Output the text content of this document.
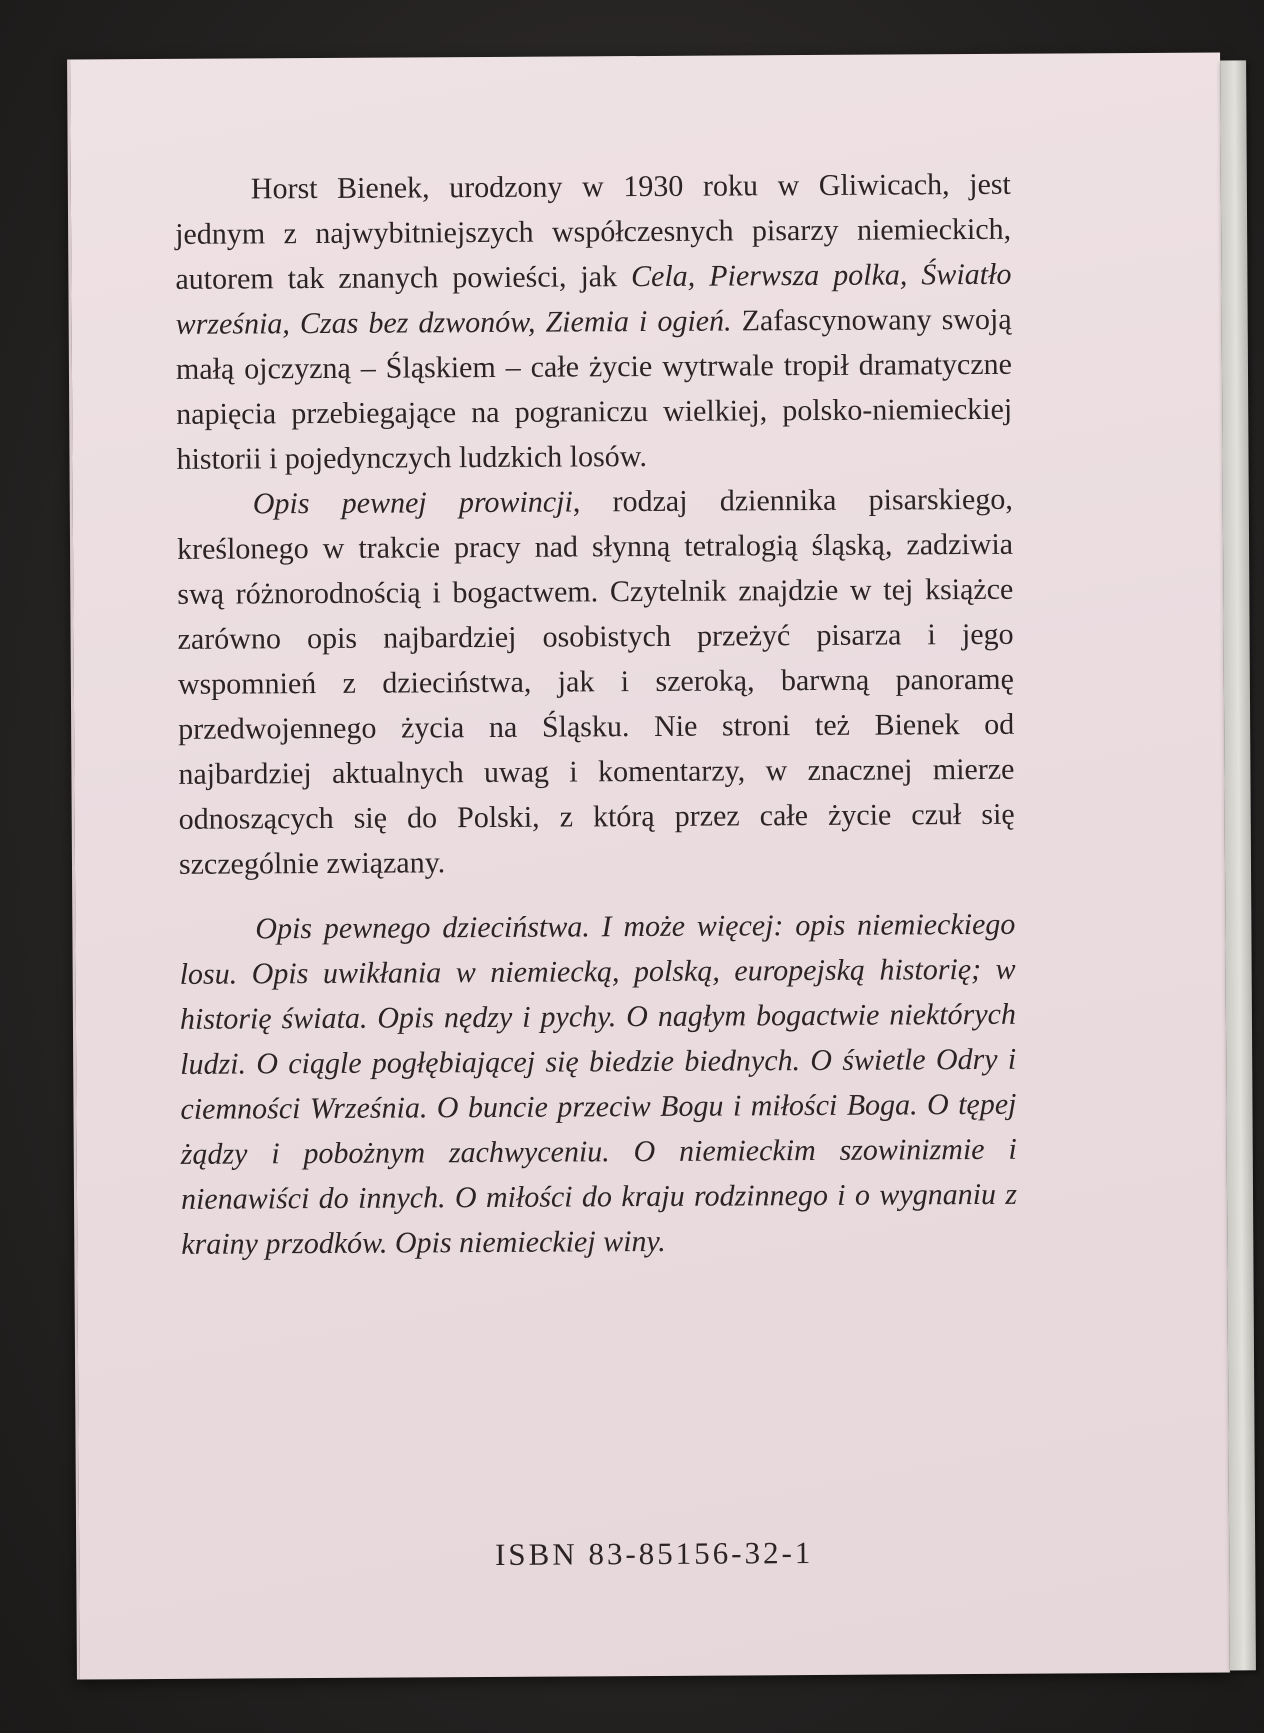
Horst Bienek, urodzony w 1930 roku w Gliwicach, jest jednym z najwybitniejszych współczesnych pisarzy niemieckich, autorem tak znanych powieści, jak Cela, Pierwsza polka, Światło września, Czas bez dzwonów, Ziemia i ogień. Zafascynowany swoją małą ojczyzną – Śląskiem – całe życie wytrwale tropił dramatyczne napięcia przebiegające na pograniczu wielkiej, polsko-niemieckiej historii i pojedynczych ludzkich losów.

Opis pewnej prowincji, rodzaj dziennika pisarskiego, kreślonego w trakcie pracy nad słynną tetralogią śląską, zadziwia swą różnorodnością i bogactwem. Czytelnik znajdzie w tej książce zarówno opis najbardziej osobistych przeżyć pisarza i jego wspomnień z dzieciństwa, jak i szeroką, barwną panoramę przedwojennego życia na Śląsku. Nie stroni też Bienek od najbardziej aktualnych uwag i komentarzy, w znacznej mierze odnoszących się do Polski, z którą przez całe życie czuł się szczególnie związany.

Opis pewnego dzieciństwa. I może więcej: opis niemieckiego losu. Opis uwikłania w niemiecką, polską, europejską historię; w historię świata. Opis nędzy i pychy. O nagłym bogactwie niektórych ludzi. O ciągle pogłębiającej się biedzie biednych. O świetle Odry i ciemności Września. O buncie przeciw Bogu i miłości Boga. O tępej żądzy i pobożnym zachwyceniu. O niemieckim szowinizmie i nienawiści do innych. O miłości do kraju rodzinnego i o wygnaniu z krainy przodków. Opis niemieckiej winy.

ISBN 83-85156-32-1
